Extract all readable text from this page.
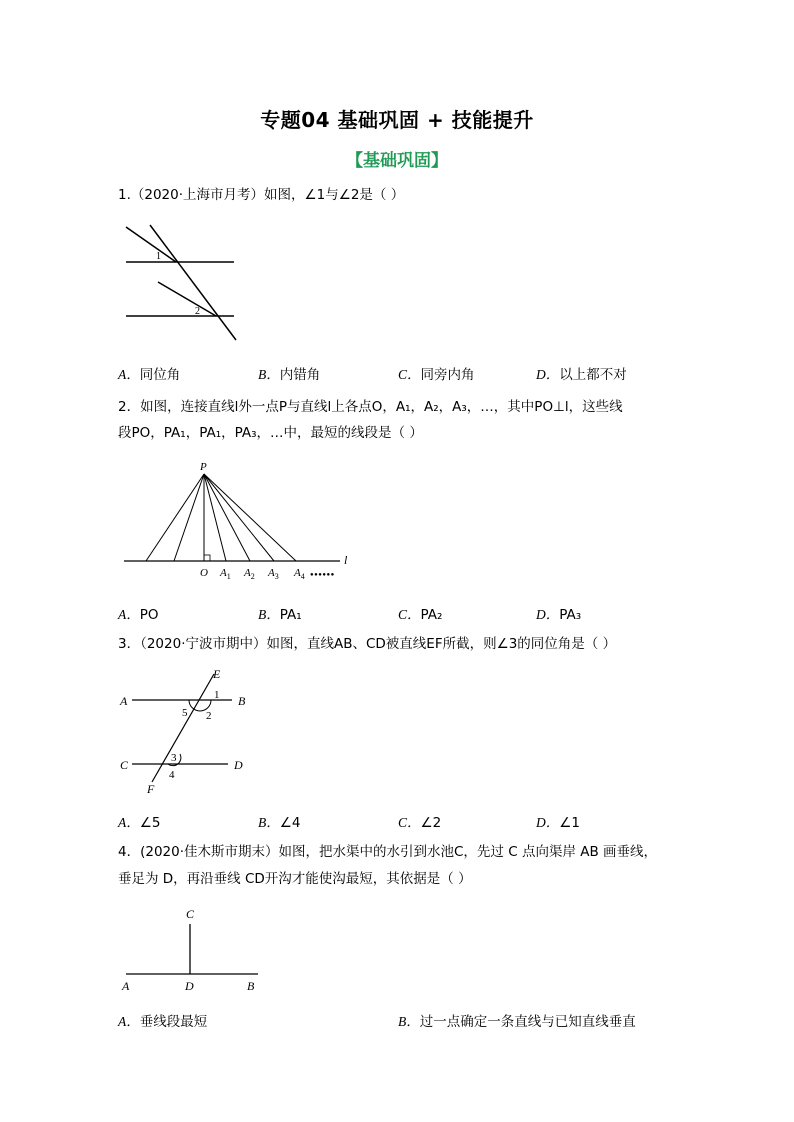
专题04 基础巩固 + 技能提升
【基础巩固】
1.（2020·上海市月考）如图，∠1与∠2是（ ）
1
2
A．同位角	B．内错角	C．同旁内角	D．以上都不对
2．如图，连接直线l外一点P与直线l上各点O，A₁，A₂，A₃，…，其中PO⊥l，这些线
段PO，PA₁，PA₁，PA₃，…中，最短的线段是（ ）
P
O $A_1$ $A_2$ $A_3$ $A_4$ ●●●●●●
l
A．PO	B．PA₁	C．PA₂	D．PA₃
3．（2020·宁波市期中）如图，直线AB、CD被直线EF所截，则∠3的同位角是（ ）
A	B
C	D
E
F
1
2
3
4
5
A．∠5	B．∠4	C．∠2	D．∠1
4．(2020·佳木斯市期末）如图，把水渠中的水引到水池C，先过 C 点向渠岸 AB 画垂线，
垂足为 D，再沿垂线 CD开沟才能使沟最短，其依据是（ ）
C
D
A	B
A．垂线段最短	B．过一点确定一条直线与已知直线垂直
